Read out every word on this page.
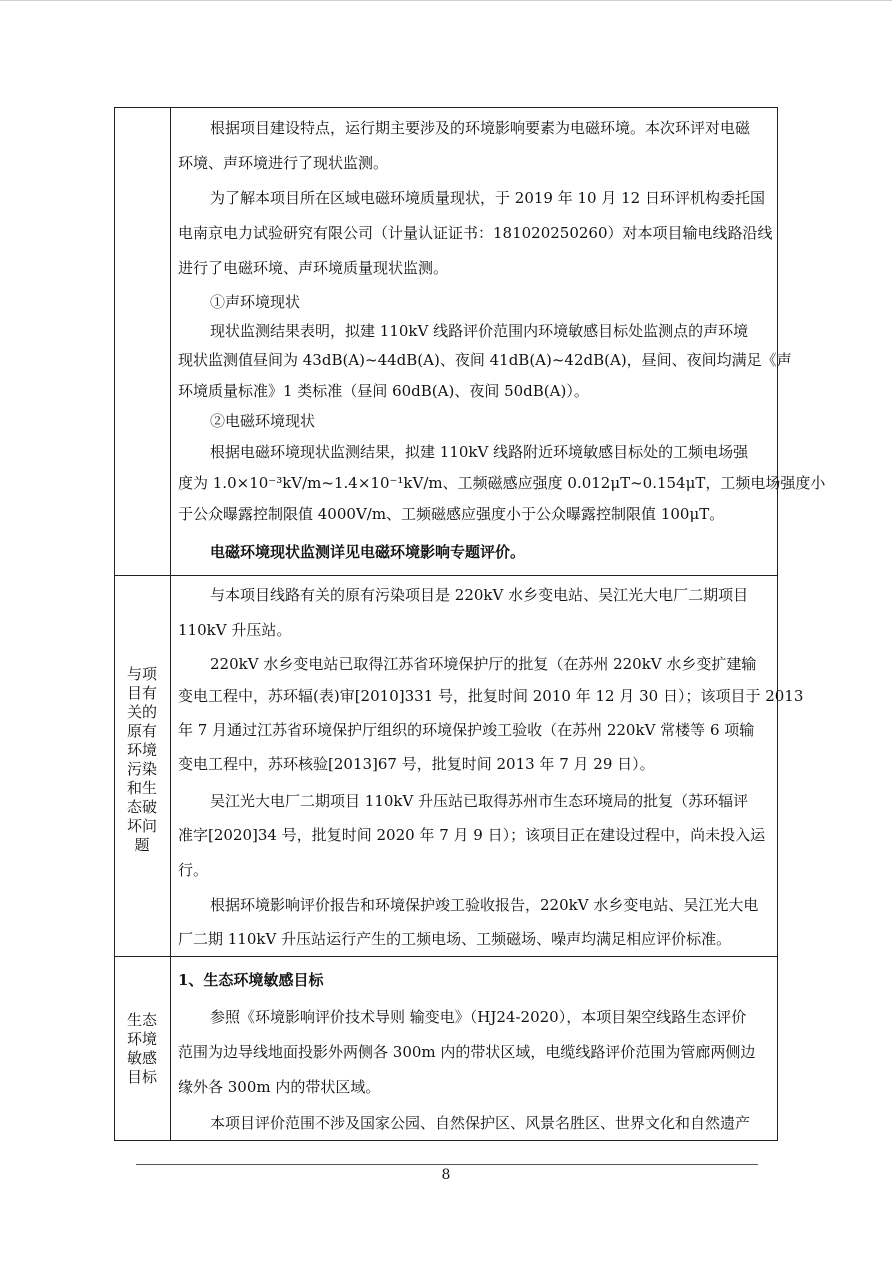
根据项目建设特点，运行期主要涉及的环境影响要素为电磁环境。本次环评对电磁
环境、声环境进行了现状监测。
为了解本项目所在区域电磁环境质量现状，于 2019 年 10 月 12 日环评机构委托国
电南京电力试验研究有限公司（计量认证证书：181020250260）对本项目输电线路沿线
进行了电磁环境、声环境质量现状监测。
①声环境现状
现状监测结果表明，拟建 110kV 线路评价范围内环境敏感目标处监测点的声环境
现状监测值昼间为 43dB(A)~44dB(A)、夜间 41dB(A)~42dB(A)，昼间、夜间均满足《声
环境质量标准》1 类标准（昼间 60dB(A)、夜间 50dB(A)）。
②电磁环境现状
根据电磁环境现状监测结果，拟建 110kV 线路附近环境敏感目标处的工频电场强
度为 1.0×10⁻³kV/m~1.4×10⁻¹kV/m、工频磁感应强度 0.012μT~0.154μT，工频电场强度小
于公众曝露控制限值 4000V/m、工频磁感应强度小于公众曝露控制限值 100μT。
电磁环境现状监测详见电磁环境影响专题评价。
与项
目有
关的
原有
环境
污染
和生
态破
坏问
题
与本项目线路有关的原有污染项目是 220kV 水乡变电站、吴江光大电厂二期项目
110kV 升压站。
220kV 水乡变电站已取得江苏省环境保护厅的批复（在苏州 220kV 水乡变扩建输
变电工程中，苏环辐(表)审[2010]331 号，批复时间 2010 年 12 月 30 日）；该项目于 2013
年 7 月通过江苏省环境保护厅组织的环境保护竣工验收（在苏州 220kV 常楼等 6 项输
变电工程中，苏环核验[2013]67 号，批复时间 2013 年 7 月 29 日）。
吴江光大电厂二期项目 110kV 升压站已取得苏州市生态环境局的批复（苏环辐评
准字[2020]34 号，批复时间 2020 年 7 月 9 日）；该项目正在建设过程中，尚未投入运
行。
根据环境影响评价报告和环境保护竣工验收报告，220kV 水乡变电站、吴江光大电
厂二期 110kV 升压站运行产生的工频电场、工频磁场、噪声均满足相应评价标准。
生态
环境
敏感
目标
1、生态环境敏感目标
参照《环境影响评价技术导则 输变电》（HJ24-2020），本项目架空线路生态评价
范围为边导线地面投影外两侧各 300m 内的带状区域，电缆线路评价范围为管廊两侧边
缘外各 300m 内的带状区域。
本项目评价范围不涉及国家公园、自然保护区、风景名胜区、世界文化和自然遗产
8
